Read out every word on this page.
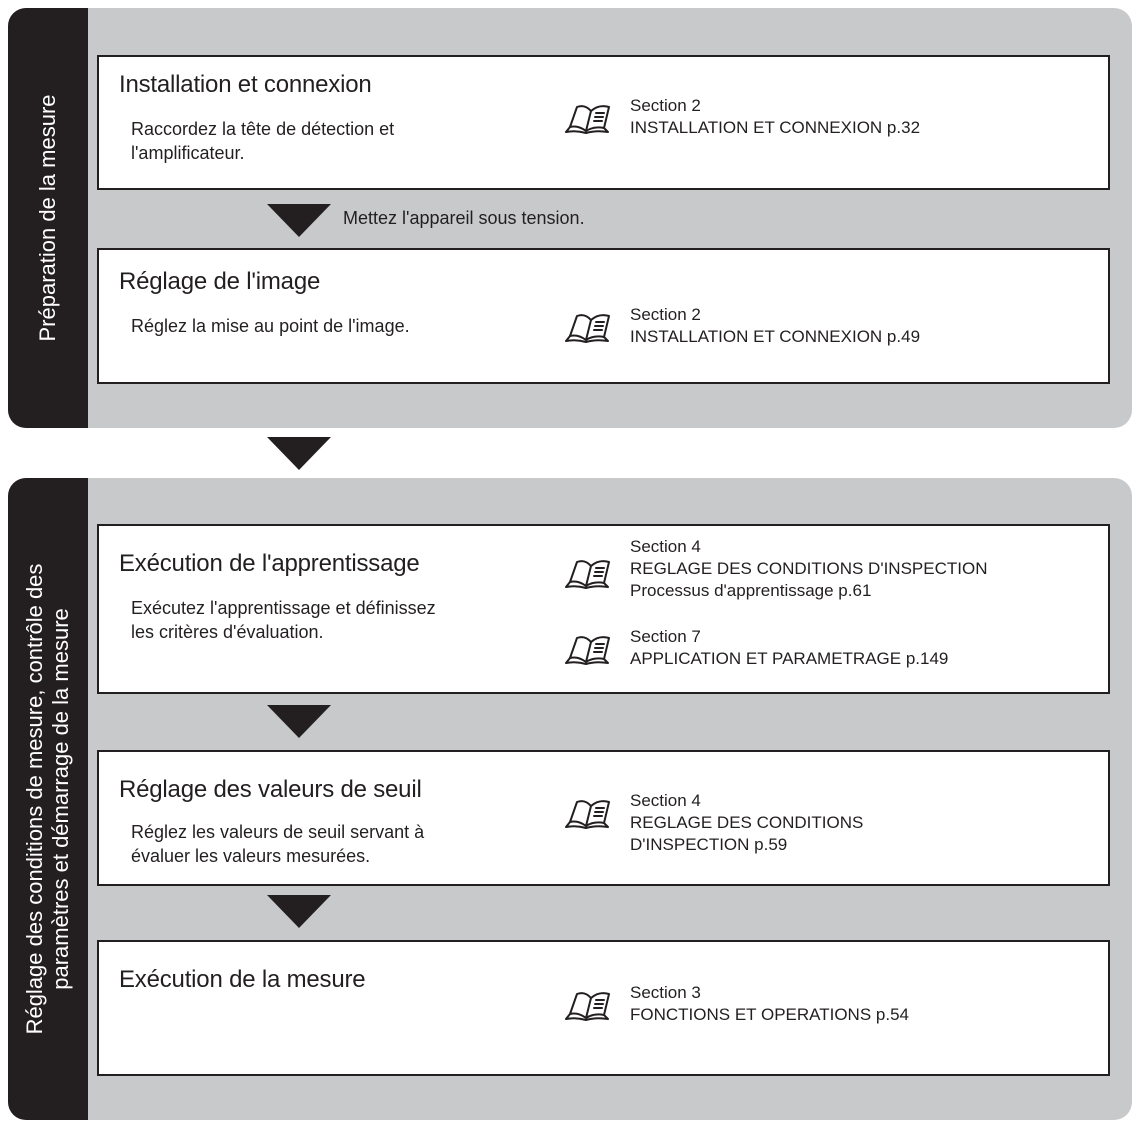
Préparation de la mesure
Réglage des conditions de mesure, contrôle des paramètres et démarrage de la mesure
Installation et connexion
Raccordez la tête de détection et
l'amplificateur.
Section 2
INSTALLATION ET CONNEXION p.32
Mettez l'appareil sous tension.
Réglage de l'image
Réglez la mise au point de l'image.
Section 2
INSTALLATION ET CONNEXION p.49
Exécution de l'apprentissage
Exécutez l'apprentissage et définissez
les critères d'évaluation.
Section 4
REGLAGE DES CONDITIONS D'INSPECTION
Processus d'apprentissage p.61
Section 7
APPLICATION ET PARAMETRAGE p.149
Réglage des valeurs de seuil
Réglez les valeurs de seuil servant à
évaluer les valeurs mesurées.
Section 4
REGLAGE DES CONDITIONS
D'INSPECTION p.59
Exécution de la mesure	Section 3
FONCTIONS ET OPERATIONS p.54
